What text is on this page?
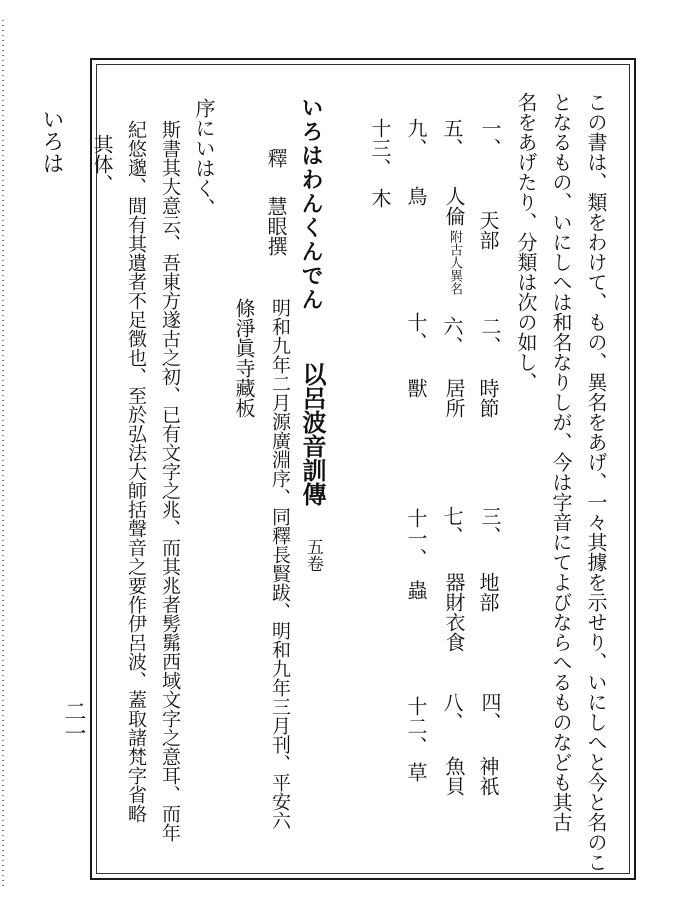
いろは
二一	この書は、類をわけて、もの、異名をあげ、一々其據を示せり、いにしへと今と名のこ
となるもの、いにしへは和名なりしが、今は字音にてよびならへるものなども其古
名をあげたり、分類は次の如し、
一、
天部
二、
時節
三、
地部
四、
神祇
五、
人倫
附古人異名
六、
居所
七、
器財衣食
八、
魚貝
九、
鳥
十、
獸
十一、
蟲
十二、
草
十三、
木
いろはわんくんでん
以呂波音訓傳
五卷
釋
慧眼撰
明和九年二月源廣淵序、同釋長賢跋、明和九年三月刊、平安六
條淨眞寺藏板
序にいはく、
斯書其大意云、吾東方遂古之初、已有文字之兆、而其兆者髣髴西域文字之意耳、而年
紀悠邈、間有其遺者不足徴也、至於弘法大師括聲音之要作伊呂波、蓋取諸梵字省略
其体、
